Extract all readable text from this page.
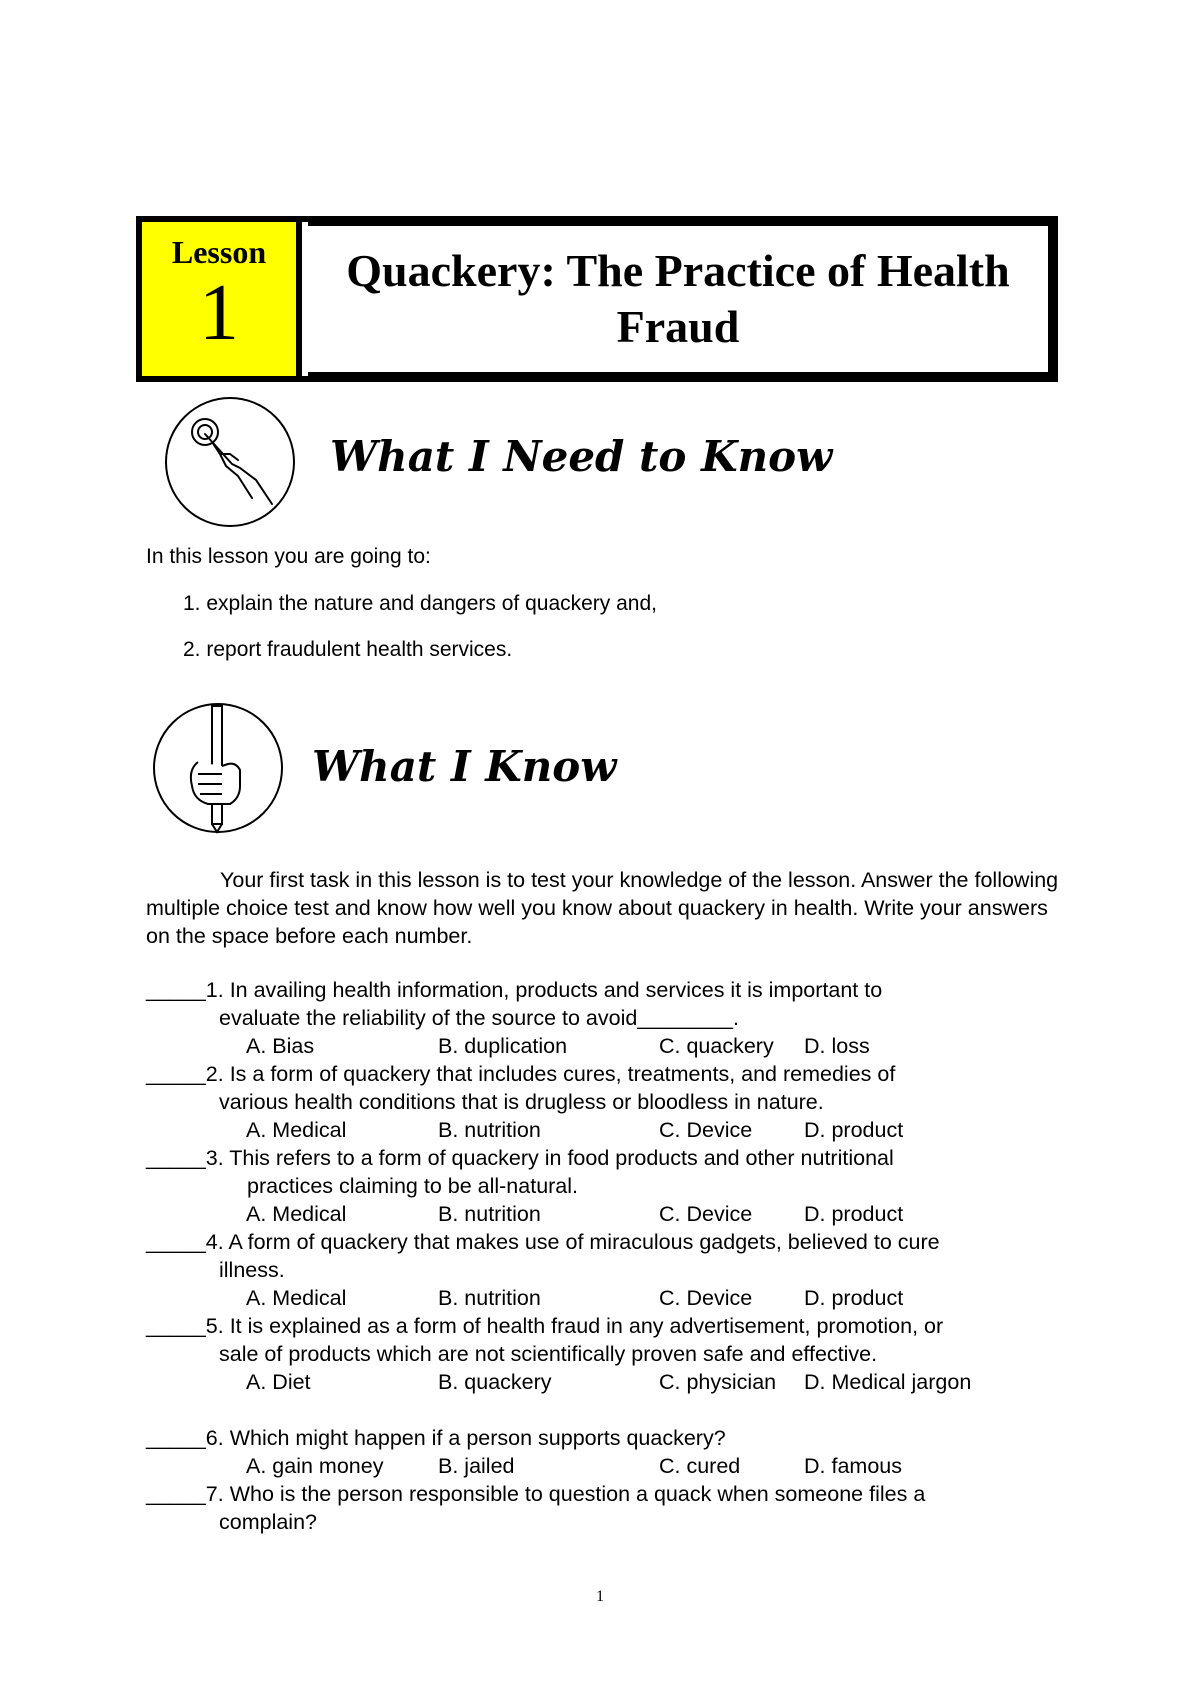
Lesson
1	Quackery: The Practice of Health Fraud
What I Need to Know
In this lesson you are going to:
1. explain the nature and dangers of quackery and,
2. report fraudulent health services.
What I Know
Your first task in this lesson is to test your knowledge of the lesson. Answer the following multiple choice test and know how well you know about quackery in health. Write your answers on the space before each number.
_____1. In availing health information, products and services it is important to
evaluate the reliability of the source to avoid________.
A. Bias	B. duplication	C. quackery D. loss
_____2. Is a form of quackery that includes cures, treatments, and remedies of
various health conditions that is drugless or bloodless in nature.
A. Medical	B. nutrition	C. Device D. product
_____3. This refers to a form of quackery in food products and other nutritional
practices claiming to be all-natural.
A. Medical	B. nutrition	C. Device D. product
_____4. A form of quackery that makes use of miraculous gadgets, believed to cure
illness.
A. Medical	B. nutrition	C. Device D. product
_____5. It is explained as a form of health fraud in any advertisement, promotion, or
sale of products which are not scientifically proven safe and effective.
A. Diet	B. quackery	C. physician D. Medical jargon
_____6. Which might happen if a person supports quackery?
A. gain money	B. jailed	C. cured	D. famous
_____7. Who is the person responsible to question a quack when someone files a
complain?
1
